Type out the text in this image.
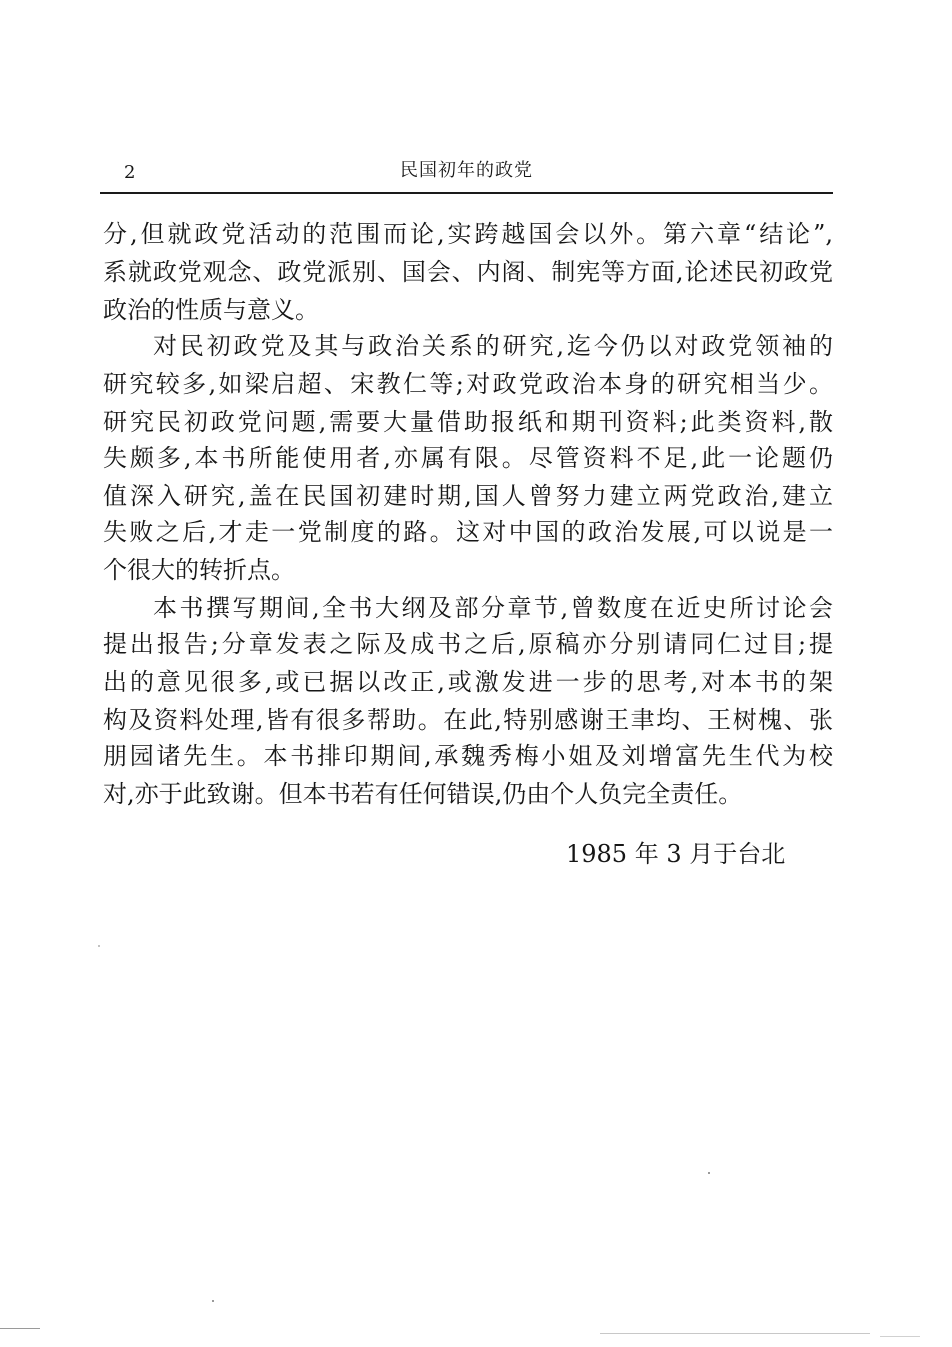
2	民国初年的政党
分,但就政党活动的范围而论,实跨越国会以外。第六章“结论”,
系就政党观念、政党派别、国会、内阁、制宪等方面,论述民初政党
政治的性质与意义。
对民初政党及其与政治关系的研究,迄今仍以对政党领袖的
研究较多,如梁启超、宋教仁等;对政党政治本身的研究相当少。
研究民初政党问题,需要大量借助报纸和期刊资料;此类资料,散
失颇多,本书所能使用者,亦属有限。尽管资料不足,此一论题仍
值深入研究,盖在民国初建时期,国人曾努力建立两党政治,建立
失败之后,才走一党制度的路。这对中国的政治发展,可以说是一
个很大的转折点。
本书撰写期间,全书大纲及部分章节,曾数度在近史所讨论会
提出报告;分章发表之际及成书之后,原稿亦分别请同仁过目;提
出的意见很多,或已据以改正,或激发进一步的思考,对本书的架
构及资料处理,皆有很多帮助。在此,特别感谢王聿均、王树槐、张
朋园诸先生。本书排印期间,承魏秀梅小姐及刘增富先生代为校
对,亦于此致谢。但本书若有任何错误,仍由个人负完全责任。
1985 年 3 月于台北
